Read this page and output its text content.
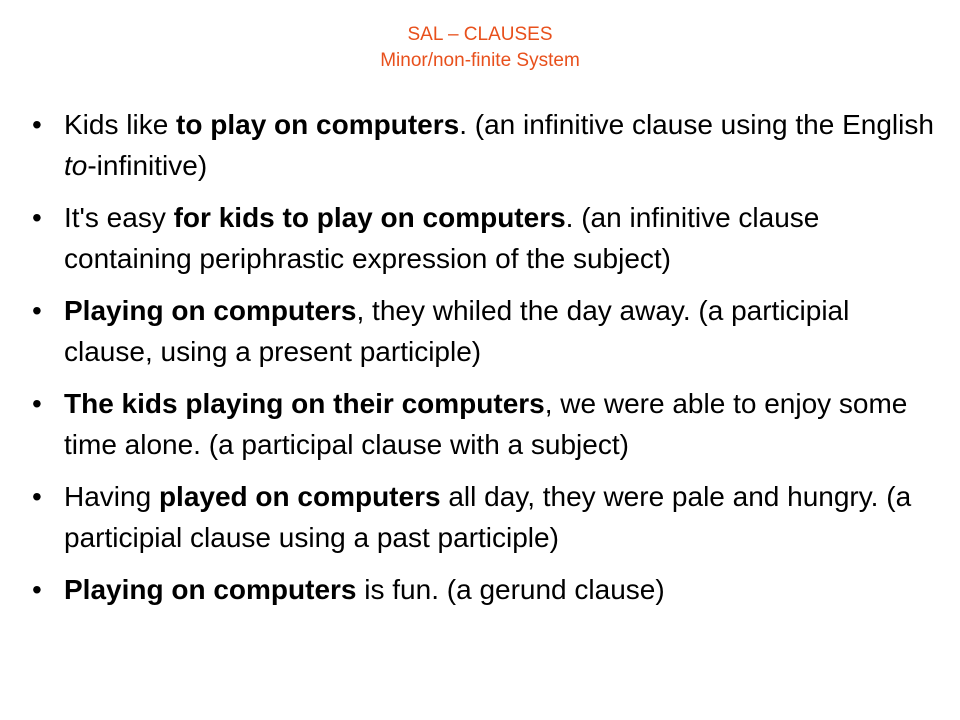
SAL – CLAUSES
Minor/non-finite System
• Kids like to play on computers. (an infinitive clause using the English to-infinitive)
• It's easy for kids to play on computers. (an infinitive clause containing periphrastic expression of the subject)
• Playing on computers, they whiled the day away. (a participial clause, using a present participle)
• The kids playing on their computers, we were able to enjoy some time alone. (a participal clause with a subject)
• Having played on computers all day, they were pale and hungry. (a participial clause using a past participle)
• Playing on computers is fun. (a gerund clause)
